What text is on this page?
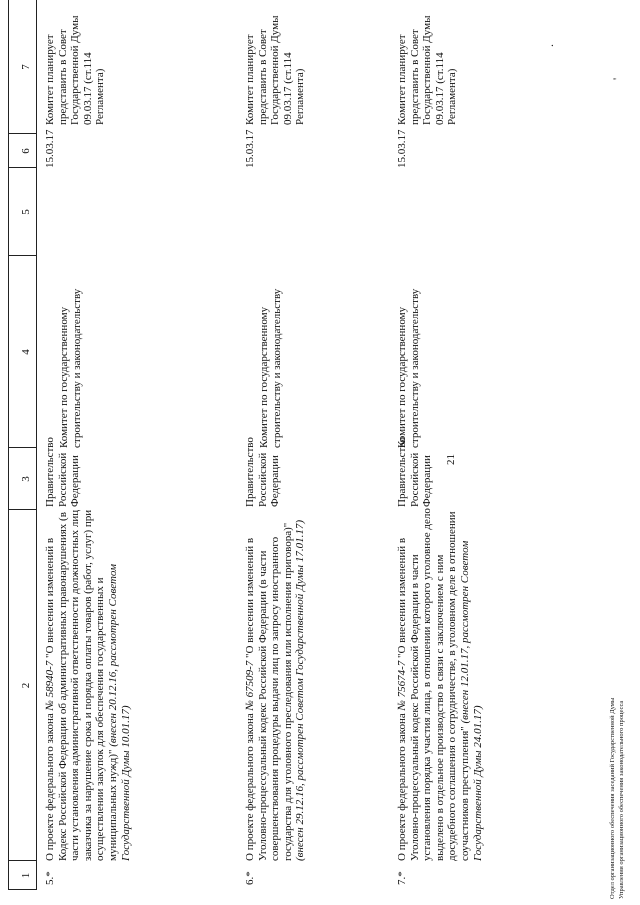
'
.
21
1
2
3
4
5
6
7
5.*
О проекте федерального закона № 58940-7 "О внесении изменений в Кодекс Российской Федерации об административных правонарушениях (в части установления административной ответственности должностных лиц заказчика за нарушение срока и порядка оплаты товаров (работ, услуг) при осуществлении закупок для обеспечения государственных и муниципальных нужд)" (внесен 20.12.16, рассмотрен Советом Государственной Думы 10.01.17)
Правительство Российской Федерации
Комитет по государственному строительству и законодательству
15.03.17
Комитет планирует представить в Совет Государственной Думы 09.03.17 (ст.114 Регламента)
6.*
О проекте федерального закона № 67509-7 "О внесении изменений в Уголовно-процессуальный кодекс Российской Федерации (в части совершенствования процедуры выдачи лиц по запросу иностранного государства для уголовного преследования или исполнения приговора)" (внесен 29.12.16, рассмотрен Советом Государственной Думы 17.01.17)
Правительство Российской Федерации
Комитет по государственному строительству и законодательству
15.03.17
Комитет планирует представить в Совет Государственной Думы 09.03.17 (ст.114 Регламента)
7.*
О проекте федерального закона № 75674-7 "О внесении изменений в Уголовно-процессуальный кодекс Российской Федерации в части установления порядка участия лица, в отношении которого уголовное дело выделено в отдельное производство в связи с заключением с ним досудебного соглашения о сотрудничестве, в уголовном деле в отношении соучастников преступления" (внесен 12.01.17, рассмотрен Советом Государственной Думы 24.01.17)
Правительство Российской Федерации
Комитет по государственному строительству и законодательству
15.03.17
Комитет планирует представить в Совет Государственной Думы 09.03.17 (ст.114 Регламента)
Отдел организационного обеспечения заседаний Государственной Думы Управления организационного обеспечения законодательного процесса
